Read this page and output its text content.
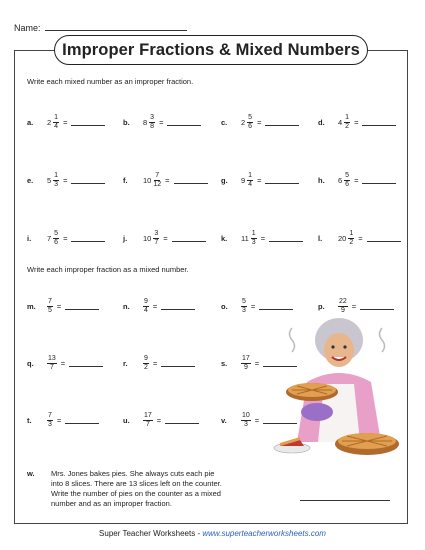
Name:
Improper Fractions & Mixed Numbers
Write each mixed number as an improper fraction.
a.	$2 \frac{1}{4}$ =	b.	$8 \frac{3}{8}$ =	c.	$2 \frac{5}{6}$ =	d.	$4 \frac{1}{2}$ =
e.	$5 \frac{1}{3}$ =	f.	$10 \frac{7}{12}$ =	g.	$9 \frac{1}{4}$ =	h.	$6 \frac{5}{6}$ =
i.	$7 \frac{5}{6}$ =	j.	$10 \frac{3}{7}$ =	k.	$11 \frac{1}{3}$ =	l.	$20 \frac{1}{2}$ =
Write each improper fraction as a mixed number.
m.	$\frac{7}{5}$ =	n.	$\frac{9}{4}$ =	o.	$\frac{5}{3}$ =	p.	$\frac{22}{9}$ =
q.	$\frac{13}{7}$ =	r.	$\frac{9}{2}$ =	s.	$\frac{17}{9}$ =
t.	$\frac{7}{3}$ =	u.	$\frac{17}{7}$ =	v.	$\frac{10}{3}$ =
w.	Mrs. Jones bakes pies. She always cuts each pie
into 8 slices. There are 13 slices left on the counter.
Write the number of pies on the counter as a mixed
number and as an improper fraction.
Super Teacher Worksheets - www.superteacherworksheets.com
